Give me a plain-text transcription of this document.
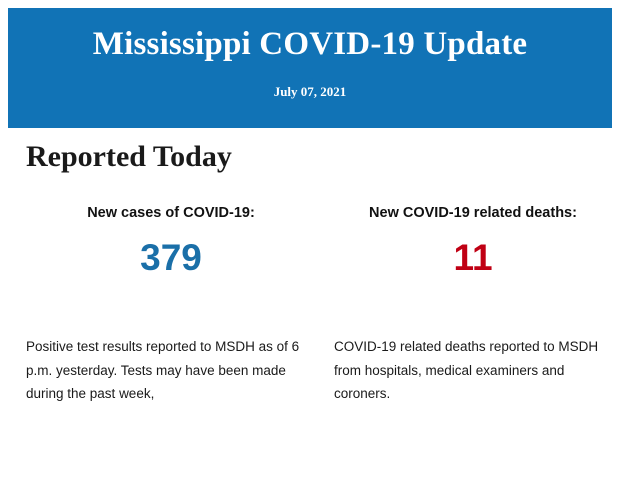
Mississippi COVID-19 Update
July 07, 2021
Reported Today
New cases of COVID-19:
379
New COVID-19 related deaths:
11
Positive test results reported to MSDH as of 6 p.m. yesterday. Tests may have been made during the past week,
COVID-19 related deaths reported to MSDH from hospitals, medical examiners and coroners.
